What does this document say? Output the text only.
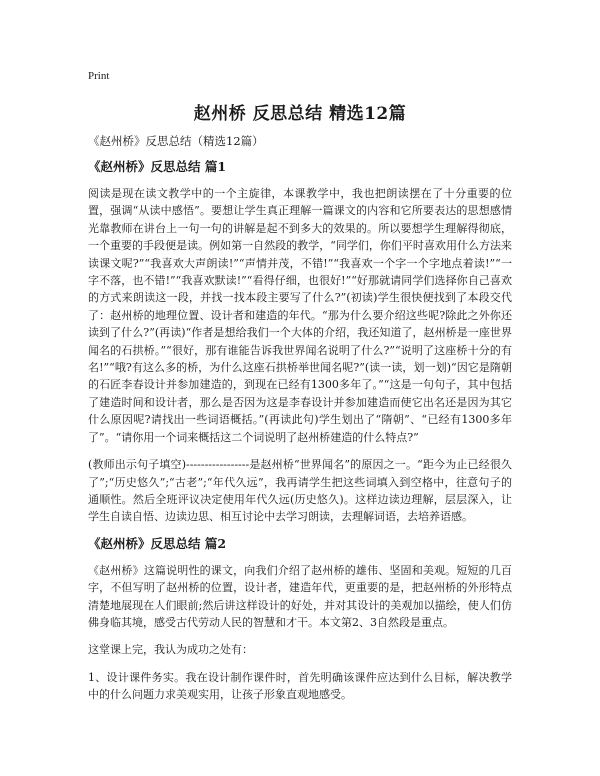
Print
赵州桥 反思总结 精选12篇
《赵州桥》反思总结（精选12篇）
《赵州桥》反思总结 篇1

阅读是现在读文教学中的一个主旋律，本课教学中，我也把朗读摆在了十分重要的位置，强调“从读中感悟”。要想让学生真正理解一篇课文的内容和它所要表达的思想感情光靠教师在讲台上一句一句的讲解是起不到多大的效果的。所以要想学生理解得彻底，一个重要的手段便是读。例如第一自然段的教学，“同学们，你们平时喜欢用什么方法来读课文呢?”“我喜欢大声朗读!”“声情并茂，不错!”“我喜欢一个字一个字地点着读!”“一字不落，也不错!”“我喜欢默读!”“看得仔细，也很好!”“好那就请同学们选择你自己喜欢的方式来朗读这一段，并找一找本段主要写了什么?”(初读)学生很快便找到了本段交代了：赵州桥的地理位置、设计者和建造的年代。“那为什么要介绍这些呢?除此之外你还读到了什么?”(再读)“作者是想给我们一个大体的介绍，我还知道了，赵州桥是一座世界闻名的石拱桥。”“很好，那有谁能告诉我世界闻名说明了什么?”“说明了这座桥十分的有名!”“哦?有这么多的桥，为什么这座石拱桥举世闻名呢?”(读一读，划一划)“因它是隋朝的石匠李春设计并参加建造的，到现在已经有1300多年了。”“这是一句句子，其中包括了建造时间和设计者，那么是否因为这是李春设计并参加建造而使它出名还是因为其它什么原因呢?请找出一些词语概括。”(再读此句)学生划出了“隋朝”、“已经有1300多年了”。“请你用一个词来概括这二个词说明了赵州桥建造的什么特点?”

(教师出示句子填空)-----------------是赵州桥“世界闻名”的原因之一。“距今为止已经很久了”;“历史悠久”;“古老”;“年代久远”，我再请学生把这些词填入到空格中，往意句子的通顺性。然后全班评议决定使用年代久远(历史悠久)。这样边读边理解，层层深入，让学生自读自悟、边读边思、相互讨论中去学习朗读，去理解词语，去培养语感。

《赵州桥》反思总结 篇2

《赵州桥》这篇说明性的课文，向我们介绍了赵州桥的雄伟、坚固和美观。短短的几百字，不但写明了赵州桥的位置，设计者，建造年代，更重要的是，把赵州桥的外形特点清楚地展现在人们眼前;然后讲这样设计的好处，并对其设计的美观加以描绘，使人们仿佛身临其境，感受古代劳动人民的智慧和才干。本文第2、3自然段是重点。

这堂课上完，我认为成功之处有：

1、设计课件务实。我在设计制作课件时，首先明确该课件应达到什么目标，解决教学中的什么问题力求美观实用，让孩子形象直观地感受。
